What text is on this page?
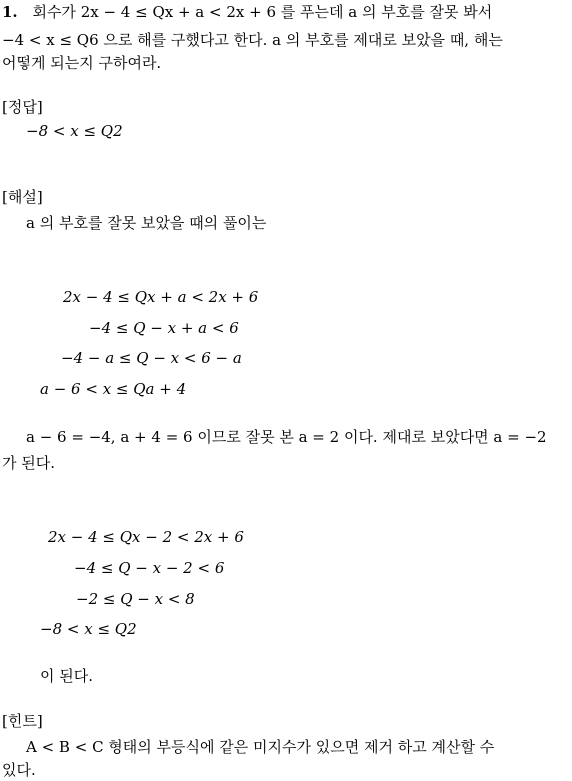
1. 회수가 2x − 4 ≤ Qx + a < 2x + 6 를 푸는데 a 의 부호를 잘못 봐서
−4 < x ≤ Q6 으로 해를 구했다고 한다. a 의 부호를 제대로 보았을 때, 해는
어떻게 되는지 구하여라.
[정답]
−8 < x ≤ Q2
[해설]
a 의 부호를 잘못 보았을 때의 풀이는
2x − 4 ≤ Qx + a < 2x + 6
−4 ≤ Q − x + a < 6
−4 − a ≤ Q − x < 6 − a
a − 6 < x ≤ Qa + 4
a − 6 = −4, a + 4 = 6 이므로 잘못 본 a = 2 이다. 제대로 보았다면 a = −2
가 된다.
2x − 4 ≤ Qx − 2 < 2x + 6
−4 ≤ Q − x − 2 < 6
−2 ≤ Q − x < 8
−8 < x ≤ Q2
이 된다.
[힌트]
A < B < C 형태의 부등식에 같은 미지수가 있으면 제거 하고 계산할 수
있다.
